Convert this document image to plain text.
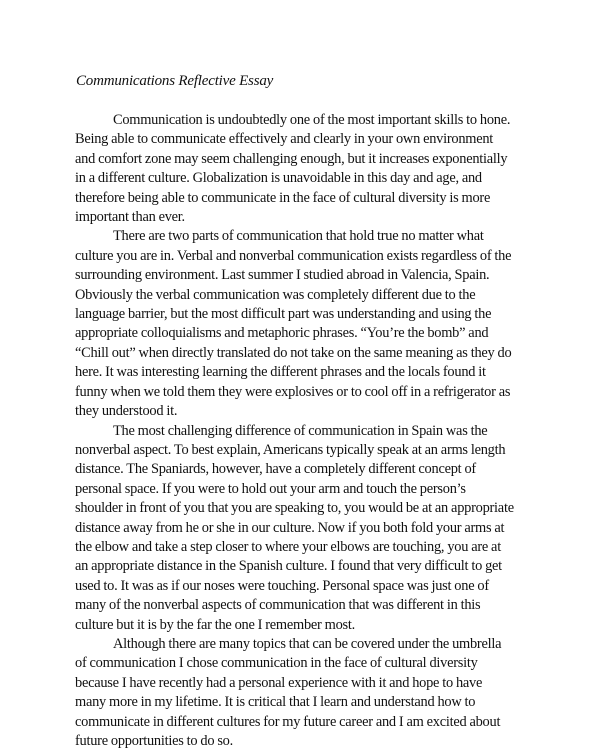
Communications Reflective Essay

Communication is undoubtedly one of the most important skills to hone. Being able to communicate effectively and clearly in your own environment and comfort zone may seem challenging enough, but it increases exponentially in a different culture. Globalization is unavoidable in this day and age, and therefore being able to communicate in the face of cultural diversity is more important than ever.

There are two parts of communication that hold true no matter what culture you are in. Verbal and nonverbal communication exists regardless of the surrounding environment. Last summer I studied abroad in Valencia, Spain. Obviously the verbal communication was completely different due to the language barrier, but the most difficult part was understanding and using the appropriate colloquialisms and metaphoric phrases. “You’re the bomb” and “Chill out” when directly translated do not take on the same meaning as they do here. It was interesting learning the different phrases and the locals found it funny when we told them they were explosives or to cool off in a refrigerator as they understood it.

The most challenging difference of communication in Spain was the nonverbal aspect. To best explain, Americans typically speak at an arms length distance. The Spaniards, however, have a completely different concept of personal space. If you were to hold out your arm and touch the person’s shoulder in front of you that you are speaking to, you would be at an appropriate distance away from he or she in our culture. Now if you both fold your arms at the elbow and take a step closer to where your elbows are touching, you are at an appropriate distance in the Spanish culture. I found that very difficult to get used to. It was as if our noses were touching. Personal space was just one of many of the nonverbal aspects of communication that was different in this culture but it is by the far the one I remember most.

Although there are many topics that can be covered under the umbrella of communication I chose communication in the face of cultural diversity because I have recently had a personal experience with it and hope to have many more in my lifetime. It is critical that I learn and understand how to communicate in different cultures for my future career and I am excited about future opportunities to do so.
